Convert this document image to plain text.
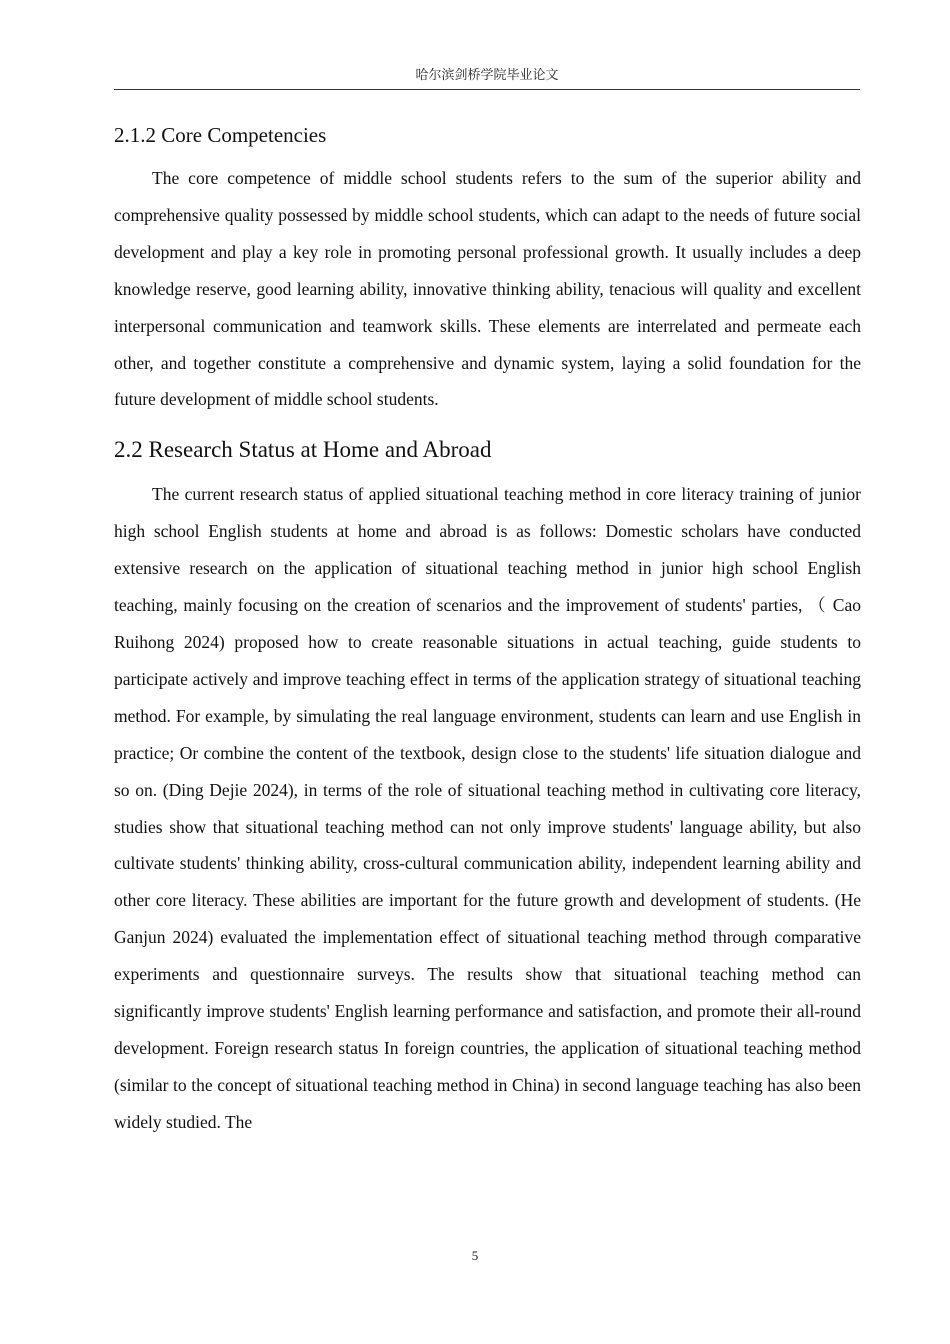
哈尔滨剑桥学院毕业论文
2.1.2 Core Competencies

The core competence of middle school students refers to the sum of the superior ability and comprehensive quality possessed by middle school students, which can adapt to the needs of future social development and play a key role in promoting personal professional growth. It usually includes a deep knowledge reserve, good learning ability, innovative thinking ability, tenacious will quality and excellent interpersonal communication and teamwork skills. These elements are interrelated and permeate each other, and together constitute a comprehensive and dynamic system, laying a solid foundation for the future development of middle school students.

2.2 Research Status at Home and Abroad

The current research status of applied situational teaching method in core literacy training of junior high school English students at home and abroad is as follows: Domestic scholars have conducted extensive research on the application of situational teaching method in junior high school English teaching, mainly focusing on the creation of scenarios and the improvement of students' parties, （ Cao Ruihong 2024) proposed how to create reasonable situations in actual teaching, guide students to participate actively and improve teaching effect in terms of the application strategy of situational teaching method. For example, by simulating the real language environment, students can learn and use English in practice; Or combine the content of the textbook, design close to the students' life situation dialogue and so on. (Ding Dejie 2024), in terms of the role of situational teaching method in cultivating core literacy, studies show that situational teaching method can not only improve students' language ability, but also cultivate students' thinking ability, cross-cultural communication ability, independent learning ability and other core literacy. These abilities are important for the future growth and development of students. (He Ganjun 2024) evaluated the implementation effect of situational teaching method through comparative experiments and questionnaire surveys. The results show that situational teaching method can significantly improve students' English learning performance and satisfaction, and promote their all-round development. Foreign research status In foreign countries, the application of situational teaching method (similar to the concept of situational teaching method in China) in second language teaching has also been widely studied. The

5
